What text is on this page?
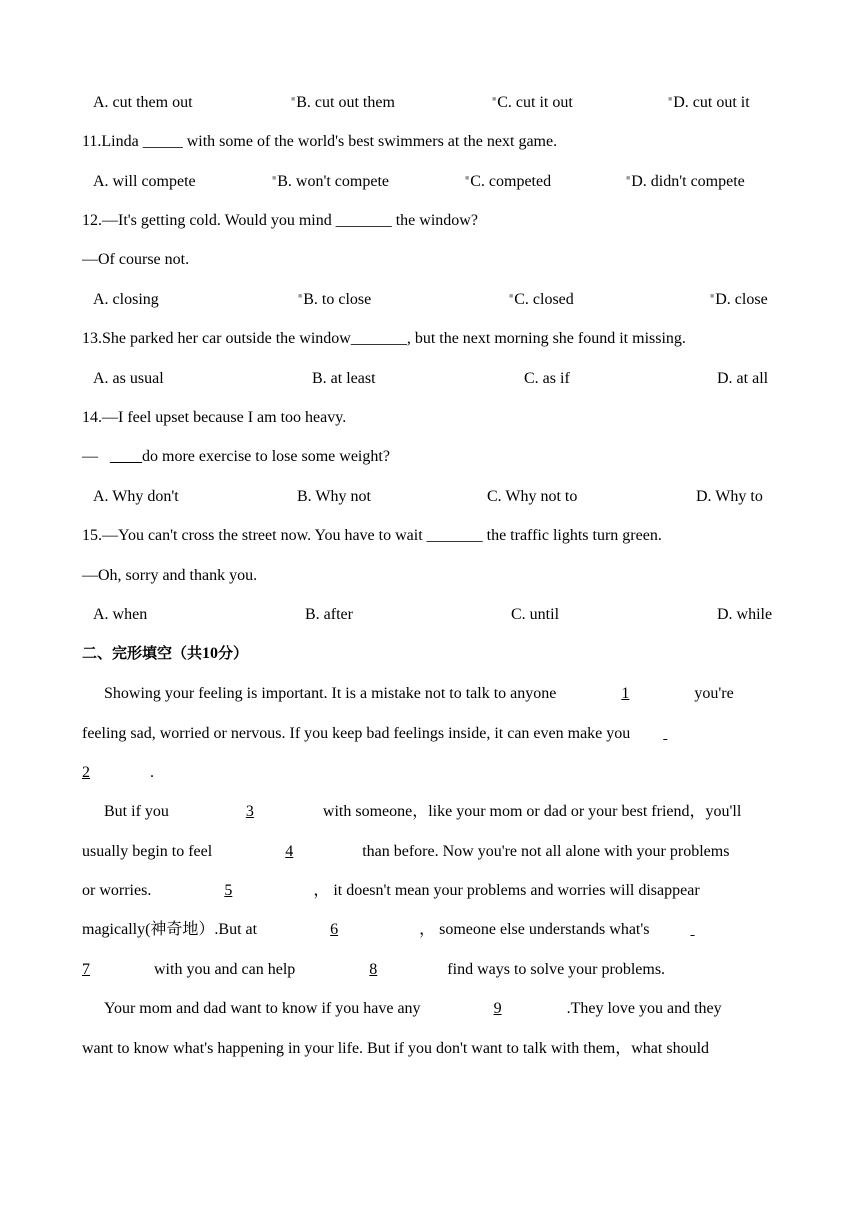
A. cut them out	■B. cut out them	■C. cut it out	■D. cut out it
11.Linda _____ with some of the world's best swimmers at the next game.
A. will compete	■B. won't compete	■C. competed	■D. didn't compete
12.—It's getting cold. Would you mind _______ the window?
—Of course not.
A. closing	■B. to close	■C. closed	■D. close
13.She parked her car outside the window_______, but the next morning she found it missing.
A. as usual	B. at least	C. as if	D. at all
14.—I feel upset because I am too heavy.
— ____do more exercise to lose some weight?
A. Why don't	B. Why not	C. Why not to	D. Why to
15.—You can't cross the street now. You have to wait _______ the traffic lights turn green.
—Oh, sorry and thank you.
A. when	B. after	C. until	D. while
二、完形填空（共10分）
Showing your feeling is important. It is a mistake not to talk to anyone	1	you're
feeling sad, worried or nervous. If you keep bad feelings inside, it can even make you
2	.
But if you	3	with someone，like your mom or dad or your best friend，you'll
usually begin to feel	4	than before. Now you're not all alone with your problems
or worries.	5	， it doesn't mean your problems and worries will disappear
magically(神奇地）.But at	6	， someone else understands what's
7	with you and can help	8	find ways to solve your problems.
Your mom and dad want to know if you have any	9	.They love you and they
want to know what's happening in your life. But if you don't want to talk with them，what should
